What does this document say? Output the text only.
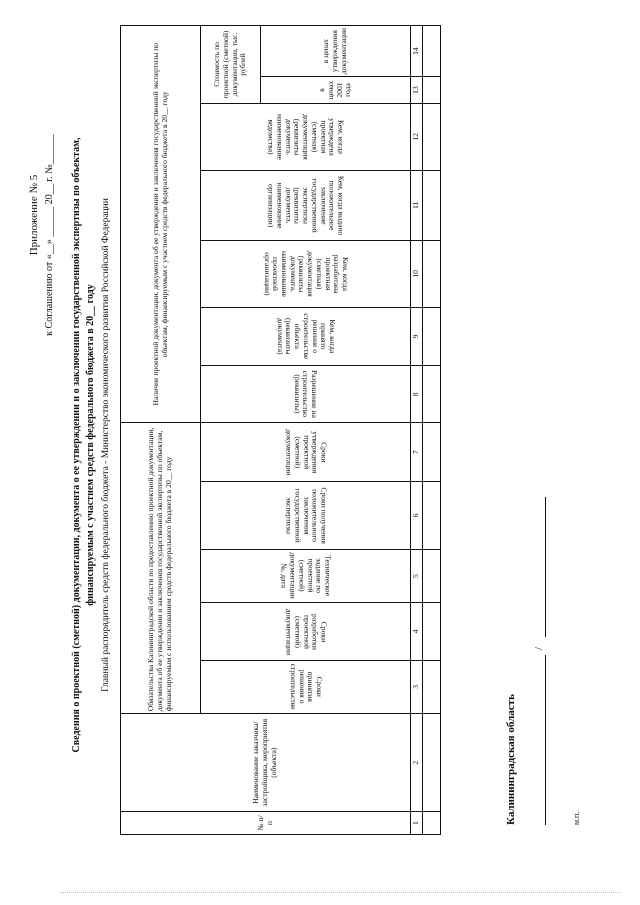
Приложение № 5 к Соглашению от «__» ______ 20__ г. №______ Сведения о проектной (сметной) документации, документа о ее утверждении и о заключении государственной экспертизы по объектам, финансируемым с участием средств федерального бюджета в 20__ году Главный распорядитель средств федерального бюджета - Министерство экономического развития Российской Федерации
№ п/п	Наименование заказчика/застройщика, мероприятия (объекта)	Обязательства Калининградской области по предоставлению проектной документации, документа об ее утверждении и заключения государственной экспертизы по объектам, финансируемым с использованием средств федерального бюджета в 20__ году					Наличие проектной документации, документа об ее утверждении и заключения государственной экспертизы по объектам, финансируемым с участием средств федерального бюджета в 20__ году						
		Сроки принятия решения о строительстве	Сроки разработки проектной (сметной) документации	Техническое задание по проектной (сметной) документации №, дата	Сроки получения положительного заключения государственной экспертизы	Сроки утверждения проектной (сметной) документации	Разрешение на строительство (реквизиты)	Кем, когда принято решение о строительстве объекта (реквизиты документа)	Кем, когда разработана проектная (сметная) документация (реквизиты документа, наименование проектной организации)	Кем, когда выдано положительное заключение государственной экспертизы (реквизиты документа, наименование организации)	Кем, когда утверждена проектная (сметная) документация (реквизиты документа, наименование ведомства)	Стоимость по проектной (сметной) документации, тыс. рублей	
												в ценах 2001 года	в ценах утверждения документации
1	2	3	4	5	6	7	8	9	10	11	12	13	14

Калининградская область
/
м.п.
